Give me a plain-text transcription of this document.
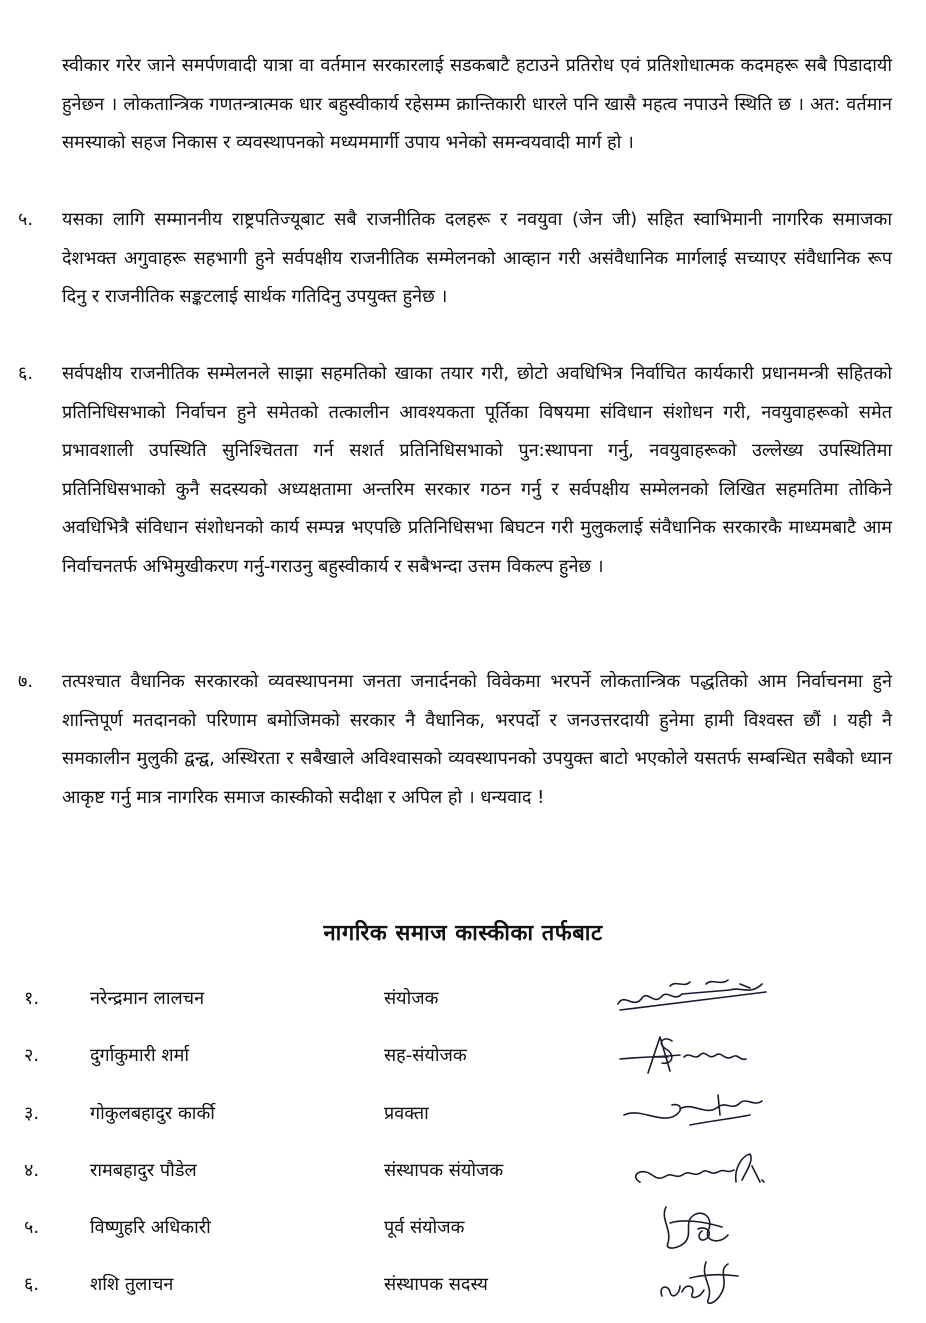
स्वीकार गरेर जाने समर्पणवादी यात्रा वा वर्तमान सरकारलाई सडकबाटै हटाउने प्रतिरोध एवं प्रतिशोधात्मक कदमहरू सबै पिडादायी हुनेछन । लोकतान्त्रिक गणतन्त्रात्मक धार बहुस्वीकार्य रहेसम्म क्रान्तिकारी धारले पनि खासै महत्व नपाउने स्थिति छ । अत: वर्तमान समस्याको सहज निकास र व्यवस्थापनको मध्यममार्गी उपाय भनेको समन्वयवादी मार्ग हो ।

५. यसका लागि सम्माननीय राष्ट्रपतिज्यूबाट सबै राजनीतिक दलहरू र नवयुवा (जेन जी) सहित स्वाभिमानी नागरिक समाजका देशभक्त अगुवाहरू सहभागी हुने सर्वपक्षीय राजनीतिक सम्मेलनको आव्हान गरी असंवैधानिक मार्गलाई सच्याएर संवैधानिक रूप दिनु र राजनीतिक सङ्कटलाई सार्थक गतिदिनु उपयुक्त हुनेछ ।

६. सर्वपक्षीय राजनीतिक सम्मेलनले साझा सहमतिको खाका तयार गरी, छोटो अवधिभित्र निर्वाचित कार्यकारी प्रधानमन्त्री सहितको प्रतिनिधिसभाको निर्वाचन हुने समेतको तत्कालीन आवश्यकता पूर्तिका विषयमा संविधान संशोधन गरी, नवयुवाहरूको समेत प्रभावशाली उपस्थिति सुनिश्चितता गर्न सशर्त प्रतिनिधिसभाको पुन:स्थापना गर्नु, नवयुवाहरूको उल्लेख्य उपस्थितिमा प्रतिनिधिसभाको कुनै सदस्यको अध्यक्षतामा अन्तरिम सरकार गठन गर्नु र सर्वपक्षीय सम्मेलनको लिखित सहमतिमा तोकिने अवधिभित्रै संविधान संशोधनको कार्य सम्पन्न भएपछि प्रतिनिधिसभा बिघटन गरी मुलुकलाई संवैधानिक सरकारकै माध्यमबाटै आम निर्वाचनतर्फ अभिमुखीकरण गर्नु-गराउनु बहुस्वीकार्य र सबैभन्दा उत्तम विकल्प हुनेछ ।

७. तत्पश्चात वैधानिक सरकारको व्यवस्थापनमा जनता जनार्दनको विवेकमा भरपर्ने लोकतान्त्रिक पद्धतिको आम निर्वाचनमा हुने शान्तिपूर्ण मतदानको परिणाम बमोजिमको सरकार नै वैधानिक, भरपर्दो र जनउत्तरदायी हुनेमा हामी विश्वस्त छौं । यही नै समकालीन मुलुकी द्वन्द्व, अस्थिरता र सबैखाले अविश्वासको व्यवस्थापनको उपयुक्त बाटो भएकोले यसतर्फ सम्बन्धित सबैको ध्यान आकृष्ट गर्नु मात्र नागरिक समाज कास्कीको सदीक्षा र अपिल हो । धन्यवाद !

नागरिक समाज कास्कीका तर्फबाट
१.	नरेन्द्रमान लालचन	संयोजक
२.	दुर्गाकुमारी शर्मा	सह-संयोजक
३.	गोकुलबहादुर कार्की	प्रवक्ता
४.	रामबहादुर पौडेल	संस्थापक संयोजक
५.	विष्णुहरि अधिकारी	पूर्व संयोजक
६.	शशि तुलाचन	संस्थापक सदस्य
